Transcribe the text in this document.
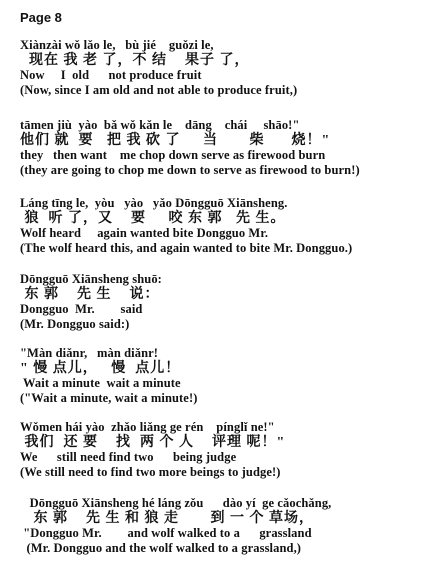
Page 8
Xiànzài wǒ lǎo le,   bù jié    guǒzi le,
现在 我 老 了，不 结    果子 了，
Now     I  old      not produce fruit
(Now, since I am old and not able to produce fruit,)
tāmen jiù  yào  bǎ wǒ kǎn le    dāng    chái     shāo!"
他们 就  要   把 我 砍 了     当       柴      烧！"
they   then want    me chop down serve as firewood burn
(they are going to chop me down to serve as firewood to burn!)
Láng tīng le,  yòu   yào   yǎo Dōngguō Xiānsheng.
狼  听 了，又    要     咬 东 郭   先 生。
Wolf heard     again wanted bite Dongguo Mr.
(The wolf heard this, and again wanted to bite Mr. Dongguo.)
Dōngguō Xiānsheng shuō:
东 郭    先 生    说：
Dongguo  Mr.        said
(Mr. Dongguo said:)
"Màn diǎnr,   màn diǎnr!
" 慢 点儿，   慢  点儿！
Wait a minute  wait a minute
("Wait a minute, wait a minute!)
Wǒmen hái yào  zhǎo liǎng ge rén    pínglǐ ne!"
我们  还 要    找  两 个 人    评理 呢！"
We      still need find two      being judge
(We still need to find two more beings to judge!)
Dōngguō Xiānsheng hé láng zǒu      dào yí  ge cǎochǎng,
东 郭    先 生 和 狼 走       到 一 个 草场，
"Dongguo Mr.        and wolf walked to a      grassland
(Mr. Dongguo and the wolf walked to a grassland,)
